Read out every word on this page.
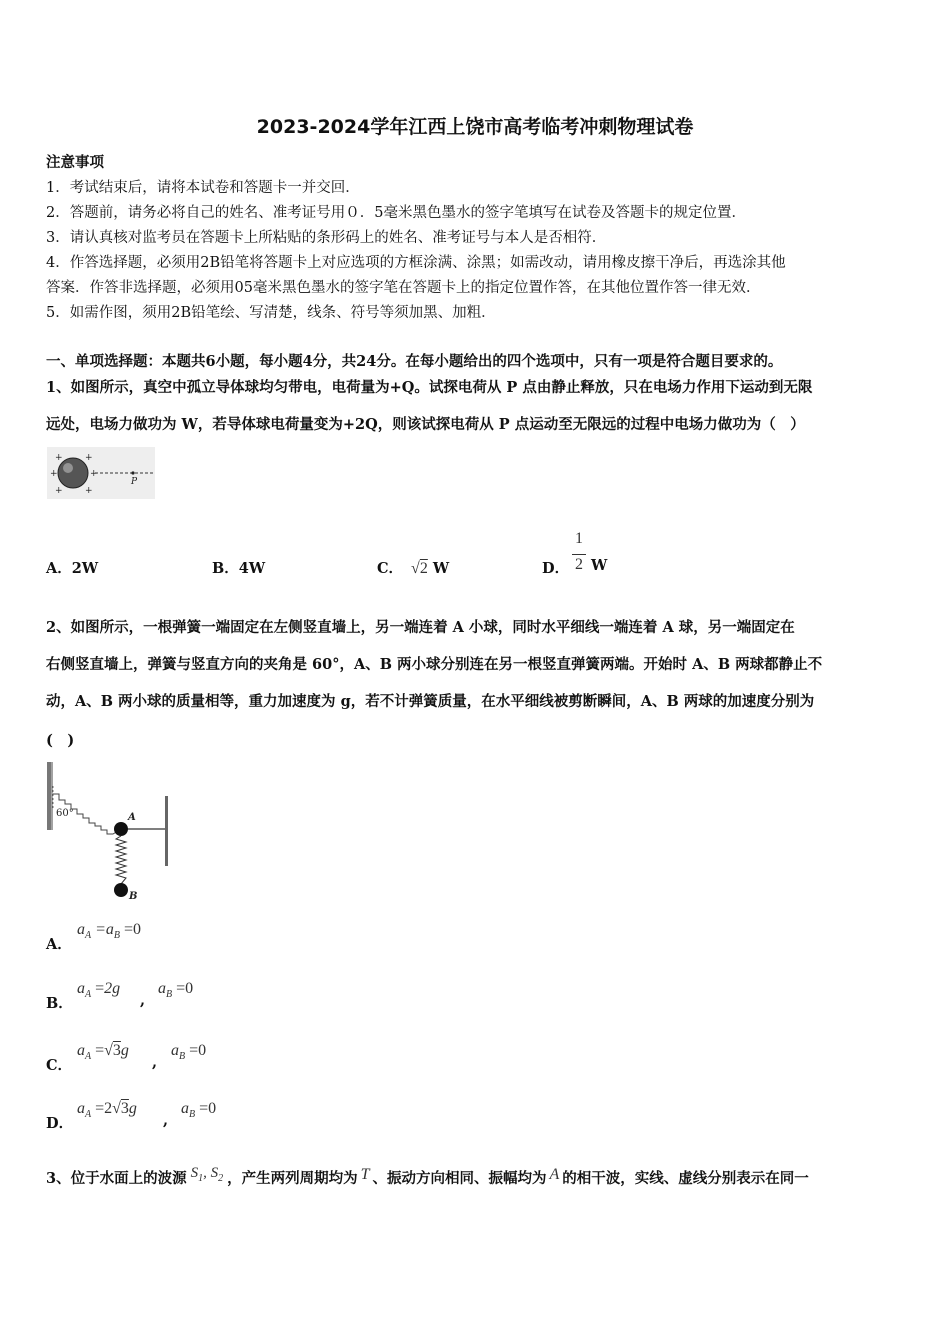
2023-2024学年江西上饶市高考临考冲刺物理试卷
注意事项
1．考试结束后，请将本试卷和答题卡一并交回．
2．答题前，请务必将自己的姓名、准考证号用０．5毫米黑色墨水的签字笔填写在试卷及答题卡的规定位置．
3．请认真核对监考员在答题卡上所粘贴的条形码上的姓名、准考证号与本人是否相符．
4．作答选择题，必须用2B铅笔将答题卡上对应选项的方框涂满、涂黑；如需改动，请用橡皮擦干净后，再选涂其他
答案．作答非选择题，必须用05毫米黑色墨水的签字笔在答题卡上的指定位置作答，在其他位置作答一律无效．
5．如需作图，须用2B铅笔绘、写清楚，线条、符号等须加黑、加粗．
一、单项选择题：本题共6小题，每小题4分，共24分。在每小题给出的四个选项中，只有一项是符合题目要求的。
1、如图所示，真空中孤立导体球均匀带电，电荷量为+Q。试探电荷从 P 点由静止释放，只在电场力作用下运动到无限
远处，电场力做功为 W，若导体球电荷量变为+2Q，则该试探电荷从 P 点运动至无限远的过程中电场力做功为（　）
+ +
+	+
+ +
P
A．2W	B．4W	C． √2 W	D．
1
2 W
2、如图所示，一根弹簧一端固定在左侧竖直墙上，另一端连着 A 小球，同时水平细线一端连着 A 球，另一端固定在
右侧竖直墙上，弹簧与竖直方向的夹角是 60°，A、B 两小球分别连在另一根竖直弹簧两端。开始时 A、B 两球都静止不
动，A、B 两小球的质量相等，重力加速度为 g，若不计弹簧质量，在水平细线被剪断瞬间，A、B 两球的加速度分别为
(　)
60°	A
B
A．
$a_A =a_B =0$
B．
$a_A =2g$
,
$a_B =0$
C．
$a_A =√3g$
,
$a_B =0$
D．
$a_A =2√3g$
,
$a_B =0$
3、位于水面上的波源 $S_1$, $S_2$ ，产生两列周期均为 T 、振动方向相同、振幅均为 A 的相干波，实线、虚线分别表示在同一
